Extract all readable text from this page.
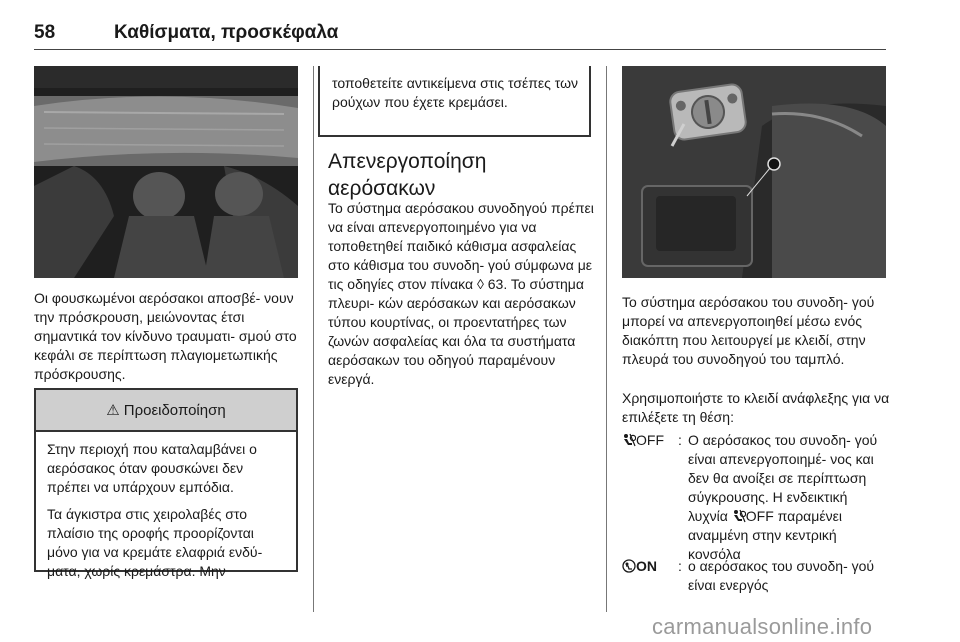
58	Καθίσματα, προσκέφαλα
Οι φουσκωμένοι αερόσακοι αποσβέ‐ νουν την πρόσκρουση, μειώνοντας έτσι σημαντικά τον κίνδυνο τραυματι‐ σμού στο κεφάλι σε περίπτωση πλαγιομετωπικής πρόσκρουσης.
⚠ Προειδοποίηση

Στην περιοχή που καταλαμβάνει ο αερόσακος όταν φουσκώνει δεν πρέπει να υπάρχουν εμπόδια.

Τα άγκιστρα στις χειρολαβές στο πλαίσιο της οροφής προορίζονται μόνο για να κρεμάτε ελαφριά ενδύ‐ ματα, χωρίς κρεμάστρα. Μην

τοποθετείτε αντικείμενα στις τσέπες των ρούχων που έχετε κρεμάσει.
Απενεργοποίηση αερόσακων
Το σύστημα αερόσακου συνοδηγού πρέπει να είναι απενεργοποιημένο για να τοποθετηθεί παιδικό κάθισμα ασφαλείας στο κάθισμα του συνοδη‐ γού σύμφωνα με τις οδηγίες στον πίνακα ◊ 63. Το σύστημα πλευρι‐ κών αερόσακων και αερόσακων τύπου κουρτίνας, οι προεντατήρες των ζωνών ασφαλείας και όλα τα συστήματα αερόσακων του οδηγού παραμένουν ενεργά.
Το σύστημα αερόσακου του συνοδη‐ γού μπορεί να απενεργοποιηθεί μέσω ενός διακόπτη που λειτουργεί με κλειδί, στην πλευρά του συνοδηγού του ταμπλό.
Χρησιμοποιήστε το κλειδί ανάφλεξης για να επιλέξετε τη θέση:
OFF : Ο αερόσακος του συνοδη‐ γού είναι απενεργοποιημέ‐ νος και δεν θα ανοίξει σε περίπτωση σύγκρουσης. Η ενδεικτική λυχνία OFF παραμένει αναμμένη στην κεντρική κονσόλα
ON : ο αερόσακος του συνοδη‐ γού είναι ενεργός
carmanualsonline.info
